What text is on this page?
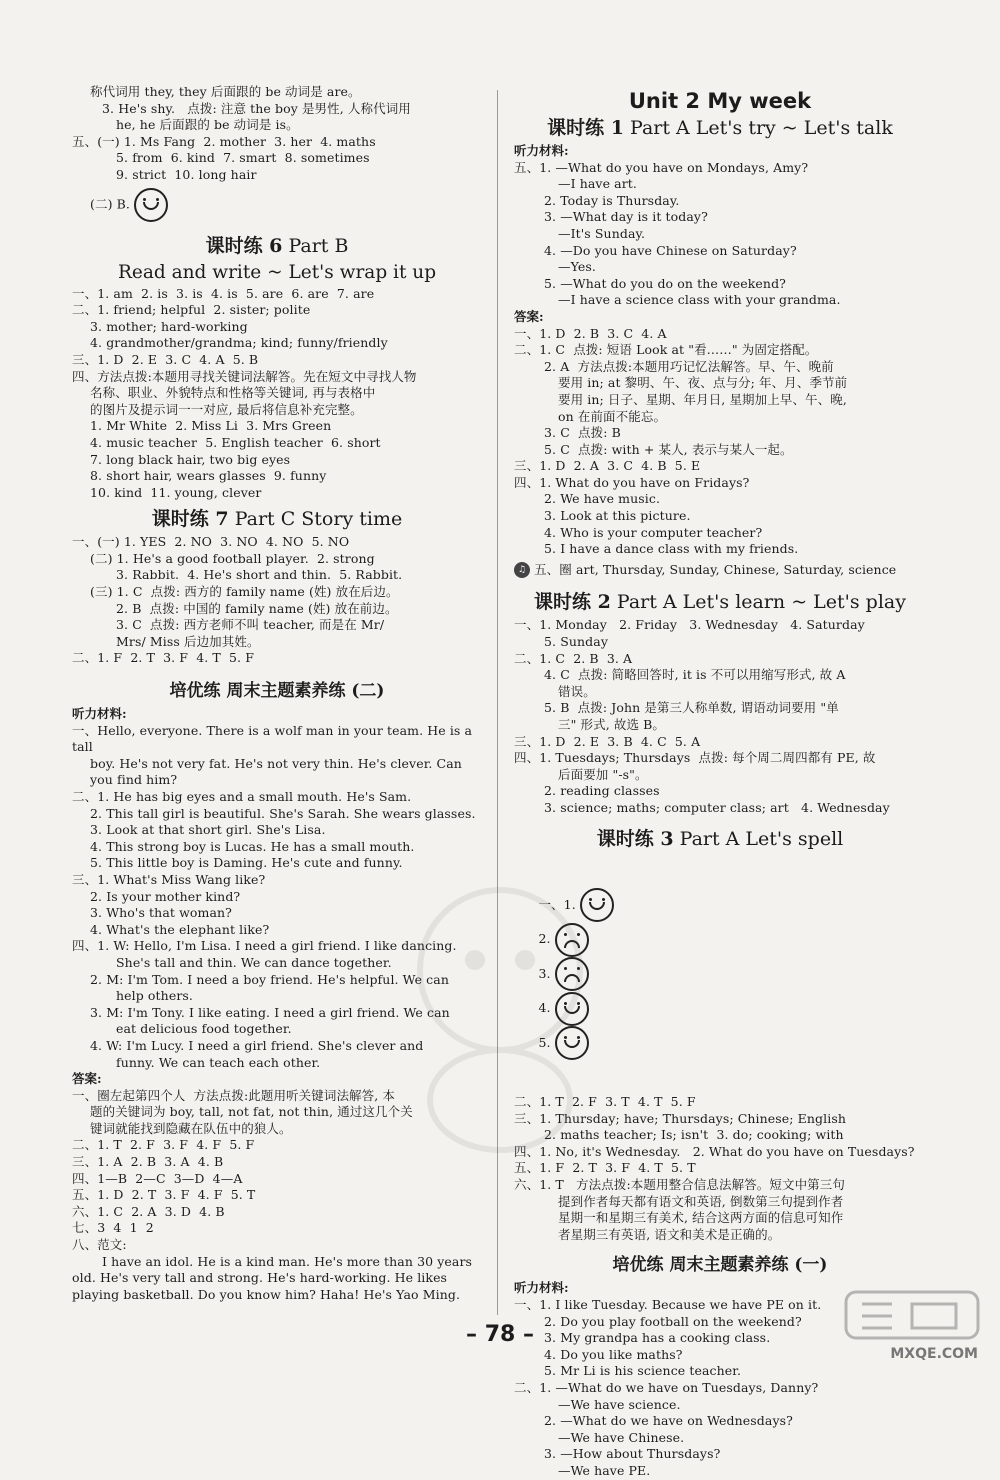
称代词用 they, they 后面跟的 be 动词是 are。

3. He's shy.   点拨: 注意 the boy 是男性, 人称代词用

he, he 后面跟的 be 动词是 is。

五、(一) 1. Ms Fang  2. mother  3. her  4. maths

5. from  6. kind  7. smart  8. sometimes

9. strict  10. long hair

(二) B.

课时练 6 Part B
Read and write ~ Let's wrap it up

一、1. am  2. is  3. is  4. is  5. are  6. are  7. are

二、1. friend; helpful  2. sister; polite

3. mother; hard-working

4. grandmother/grandma; kind; funny/friendly

三、1. D  2. E  3. C  4. A  5. B

四、方法点拨:本题用寻找关键词法解答。先在短文中寻找人物

名称、职业、外貌特点和性格等关键词, 再与表格中

的图片及提示词一一对应, 最后将信息补充完整。

1. Mr White  2. Miss Li  3. Mrs Green

4. music teacher  5. English teacher  6. short

7. long black hair, two big eyes

8. short hair, wears glasses  9. funny

10. kind  11. young, clever

课时练 7 Part C Story time

一、(一) 1. YES  2. NO  3. NO  4. NO  5. NO

(二) 1. He's a good football player.  2. strong

3. Rabbit.  4. He's short and thin.  5. Rabbit.

(三) 1. C  点拨: 西方的 family name (姓) 放在后边。

2. B  点拨: 中国的 family name (姓) 放在前边。

3. C  点拨: 西方老师不叫 teacher, 而是在 Mr/

Mrs/ Miss 后边加其姓。

二、1. F  2. T  3. F  4. T  5. F

培优练 周末主题素养练 (二)

听力材料:

一、Hello, everyone. There is a wolf man in your team. He is a tall

boy. He's not very fat. He's not very thin. He's clever. Can

you find him?

二、1. He has big eyes and a small mouth. He's Sam.

2. This tall girl is beautiful. She's Sarah. She wears glasses.

3. Look at that short girl. She's Lisa.

4. This strong boy is Lucas. He has a small mouth.

5. This little boy is Daming. He's cute and funny.

三、1. What's Miss Wang like?

2. Is your mother kind?

3. Who's that woman?

4. What's the elephant like?

四、1. W: Hello, I'm Lisa. I need a girl friend. I like dancing.

She's tall and thin. We can dance together.

2. M: I'm Tom. I need a boy friend. He's helpful. We can

help others.

3. M: I'm Tony. I like eating. I need a girl friend. We can

eat delicious food together.

4. W: I'm Lucy. I need a girl friend. She's clever and

funny. We can teach each other.

答案:

一、圈左起第四个人  方法点拨:此题用听关键词法解答, 本

题的关键词为 boy, tall, not fat, not thin, 通过这几个关

键词就能找到隐藏在队伍中的狼人。

二、1. T  2. F  3. F  4. F  5. F

三、1. A  2. B  3. A  4. B

四、1—B  2—C  3—D  4—A

五、1. D  2. T  3. F  4. F  5. T

六、1. C  2. A  3. D  4. B

七、3  4  1  2

八、范文:

I have an idol. He is a kind man. He's more than 30 years

old. He's very tall and strong. He's hard-working. He likes

playing basketball. Do you know him? Haha! He's Yao Ming.

Unit 2 My week
课时练 1 Part A Let's try ~ Let's talk

听力材料:

五、1. —What do you have on Mondays, Amy?

—I have art.

2. Today is Thursday.

3. —What day is it today?

—It's Sunday.

4. —Do you have Chinese on Saturday?

—Yes.

5. —What do you do on the weekend?

—I have a science class with your grandma.

答案:

一、1. D  2. B  3. C  4. A

二、1. C  点拨: 短语 Look at "看……" 为固定搭配。

2. A  方法点拨:本题用巧记忆法解答。早、午、晚前

要用 in; at 黎明、午、夜、点与分; 年、月、季节前

要用 in; 日子、星期、年月日, 星期加上早、午、晚,

on 在前面不能忘。

3. C  点拨: B

5. C  点拨: with + 某人, 表示与某人一起。

三、1. D  2. A  3. C  4. B  5. E

四、1. What do you have on Fridays?

2. We have music.

3. Look at this picture.

4. Who is your computer teacher?

5. I have a dance class with my friends.

♫ 五、圈 art, Thursday, Sunday, Chinese, Saturday, science

课时练 2 Part A Let's learn ~ Let's play

一、1. Monday   2. Friday   3. Wednesday   4. Saturday

5. Sunday

二、1. C  2. B  3. A

4. C  点拨: 简略回答时, it is 不可以用缩写形式, 故 A

错误。

5. B  点拨: John 是第三人称单数, 谓语动词要用 "单

三" 形式, 故选 B。

三、1. D  2. E  3. B  4. C  5. A

四、1. Tuesdays; Thursdays  点拨: 每个周二周四都有 PE, 故

后面要加 "-s"。

2. reading classes

3. science; maths; computer class; art   4. Wednesday

课时练 3 Part A Let's spell

一、1.

2.

3.

4.

5.

二、1. T  2. F  3. T  4. T  5. F

三、1. Thursday; have; Thursdays; Chinese; English

2. maths teacher; Is; isn't  3. do; cooking; with

四、1. No, it's Wednesday.   2. What do you have on Tuesdays?

五、1. F  2. T  3. F  4. T  5. T

六、1. T   方法点拨:本题用整合信息法解答。短文中第三句

提到作者每天都有语文和英语, 倒数第三句提到作者

星期一和星期三有美术, 结合这两方面的信息可知作

者星期三有英语, 语文和美术是正确的。

培优练 周末主题素养练 (一)

听力材料:

一、1. I like Tuesday. Because we have PE on it.

2. Do you play football on the weekend?

3. My grandpa has a cooking class.

4. Do you like maths?

5. Mr Li is his science teacher.

二、1. —What do we have on Tuesdays, Danny?

—We have science.

2. —What do we have on Wednesdays?

—We have Chinese.

3. —How about Thursdays?

—We have PE.

– 78 –
MXQE.COM
